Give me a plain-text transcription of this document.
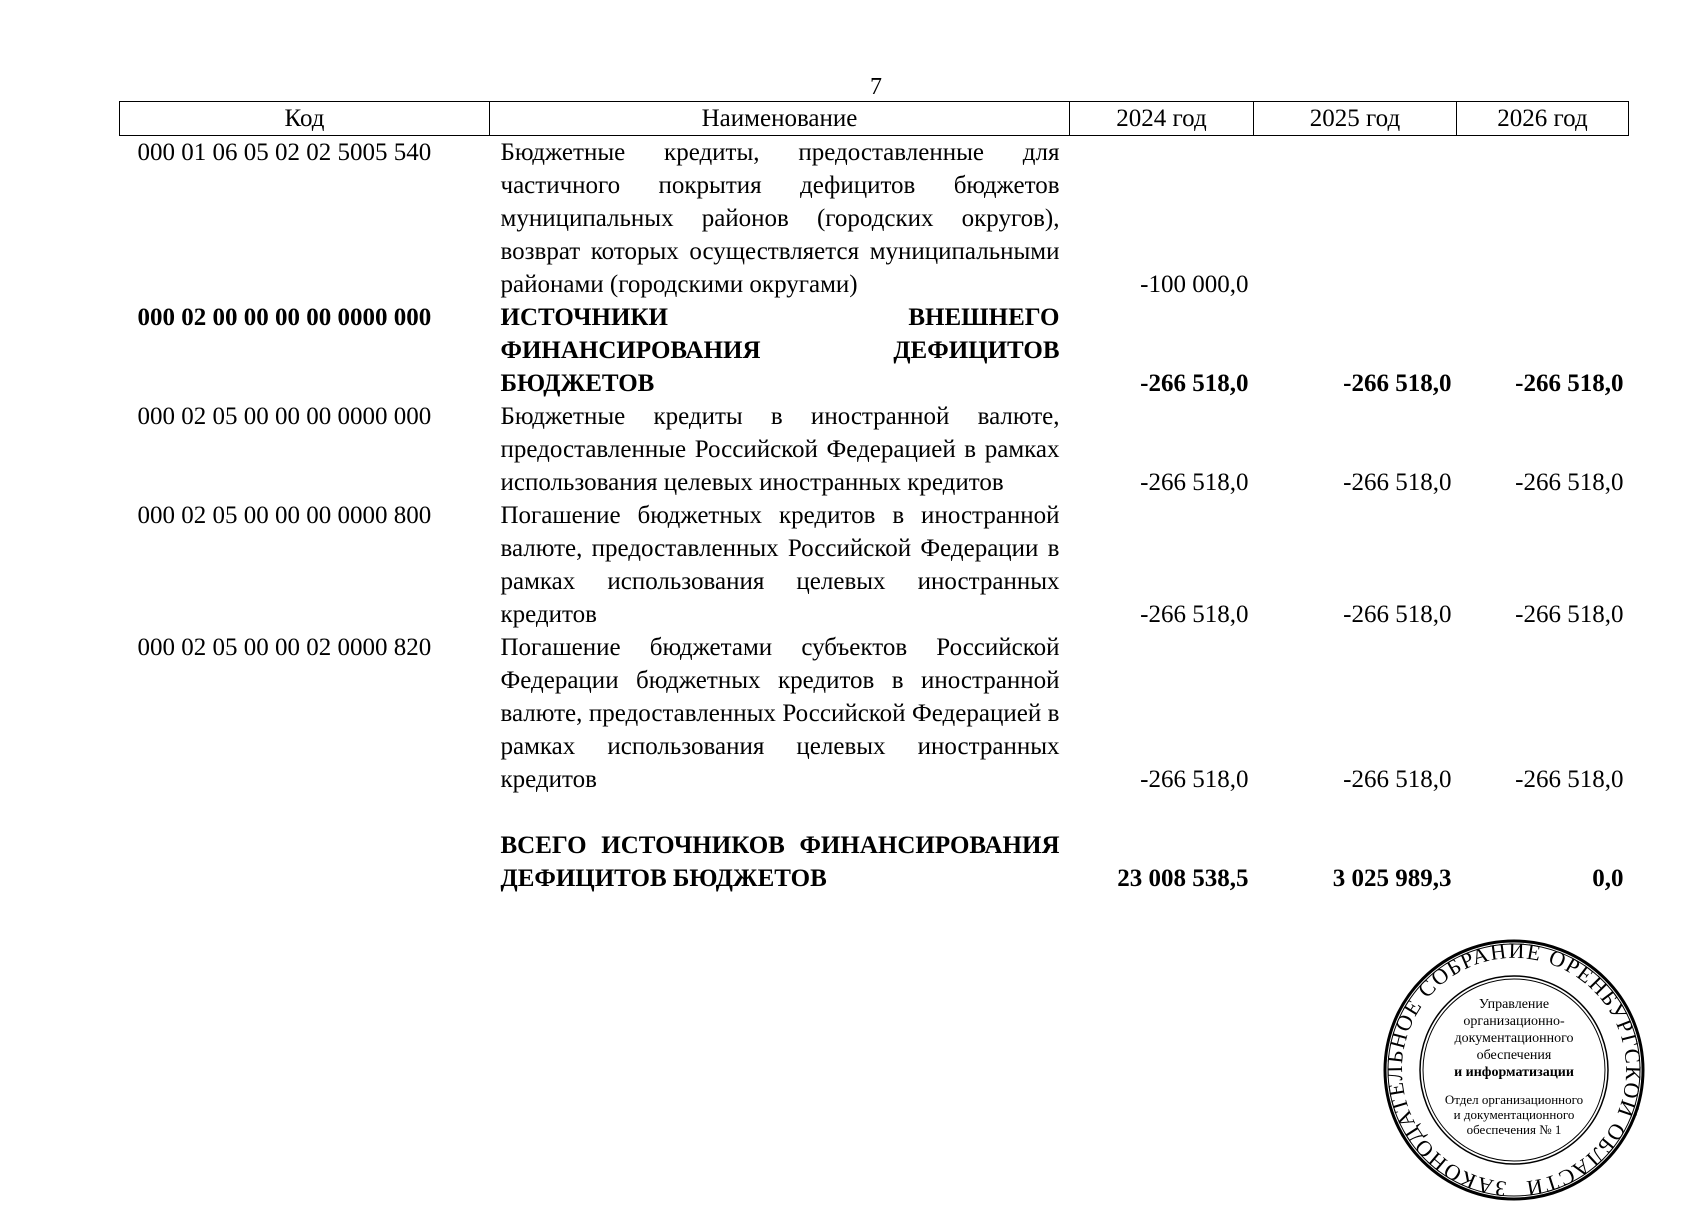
7
Код	Наименование	2024 год	2025 год	2026 год
000 01 06 05 02 02 5005 540	Бюджетные кредиты, предоставленные для частичного покрытия дефицитов бюджетов муниципальных районов (городских округов), возврат которых осуществляется муниципальными районами (городскими округами)	-100 000,0		
000 02 00 00 00 00 0000 000	ИСТОЧНИКИ ВНЕШНЕГО ФИНАНСИРОВАНИЯ ДЕФИЦИТОВ БЮДЖЕТОВ	-266 518,0	-266 518,0	-266 518,0
000 02 05 00 00 00 0000 000	Бюджетные кредиты в иностранной валюте, предоставленные Российской Федерацией в рамках использования целевых иностранных кредитов	-266 518,0	-266 518,0	-266 518,0
000 02 05 00 00 00 0000 800	Погашение бюджетных кредитов в иностранной валюте, предоставленных Российской Федерации в рамках использования целевых иностранных кредитов	-266 518,0	-266 518,0	-266 518,0
000 02 05 00 00 02 0000 820	Погашение бюджетами субъектов Российской Федерации бюджетных кредитов в иностранной валюте, предоставленных Российской Федерацией в рамках использования целевых иностранных кредитов	-266 518,0	-266 518,0	-266 518,0
	ВСЕГО ИСТОЧНИКОВ ФИНАНСИРОВАНИЯ ДЕФИЦИТОВ БЮДЖЕТОВ	23 008 538,5	3 025 989,3	0,0
ЗАКОНОДАТЕЛЬНОЕ СОБРАНИЕ ОРЕНБУРГСКОЙ ОБЛАСТИ
Управление
организационно-
документационного
обеспечения
и информатизации
Отдел организационного
и документационного
обеспечения № 1
